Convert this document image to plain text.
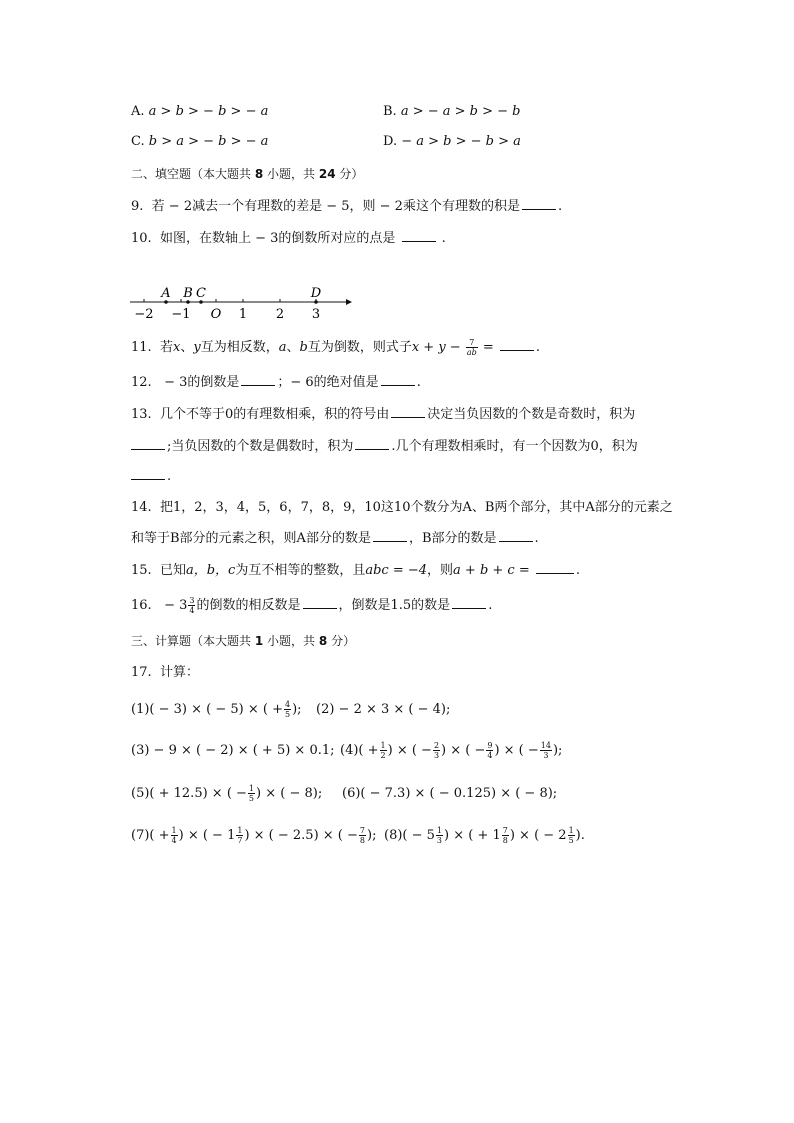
A. a > b > − b > − a	B. a > − a > b > − b
C. b > a > − b > − a	D. − a > b > − b > a
二、填空题（本大题共 8 小题，共 24 分）
9. 若 − 2减去一个有理数的差是 − 5，则 − 2乘这个有理数的积是	.
10. 如图，在数轴上 − 3的倒数所对应的点是	.
−2 −1 O 1 2 3
A B C	D
11. 若x、y互为相反数，a、b互为倒数，则式子$x + y - \frac{7}{ab}$ =	.
12. − 3的倒数是	；− 6的绝对值是	.
13. 几个不等于0的有理数相乘，积的符号由	决定当负因数的个数是奇数时，积为
;当负因数的个数是偶数时，积为	.几个有理数相乘时，有一个因数为0，积为
.
14. 把1，2，3，4，5，6，7，8，9，10这10个数分为A、B两个部分，其中A部分的元素之
和等于B部分的元素之积，则A部分的数是	，B部分的数是	.
15. 已知a，b，c为互不相等的整数，且abc = −4，则a + b + c =	.
16. − $3 \frac{3}{4}$ 的倒数的相反数是	，倒数是1.5的数是	.
三、计算题（本大题共 1 小题，共 8 分）
17. 计算：
(1)( − 3) × ( − 5) × ( + $\frac{4}{5}$ ); (2) − 2 × 3 × ( − 4);
(3) − 9 × ( − 2) × ( + 5) × 0.1; $(4)( + \frac{1}{2}$ ) × ( − $\frac{2}{3}$ ) × ( − $\frac{9}{4}$ ) × ( − $\frac{14}{3}$ );
(5)( + 12.5) × ( − $\frac{1}{5}$ ) × ( − 8); (6)( − 7.3) × ( − 0.125) × ( − 8);
$(7)( + \frac{1}{4}$ ) × ( − $1 \frac{1}{7}$ ) × ( − 2.5) × ( − $\frac{7}{8}$ ); $(8)( - 5 \frac{1}{3}$ ) × ( + $1 \frac{7}{8}$ ) × ( − $2 \frac{1}{5}$ ).
